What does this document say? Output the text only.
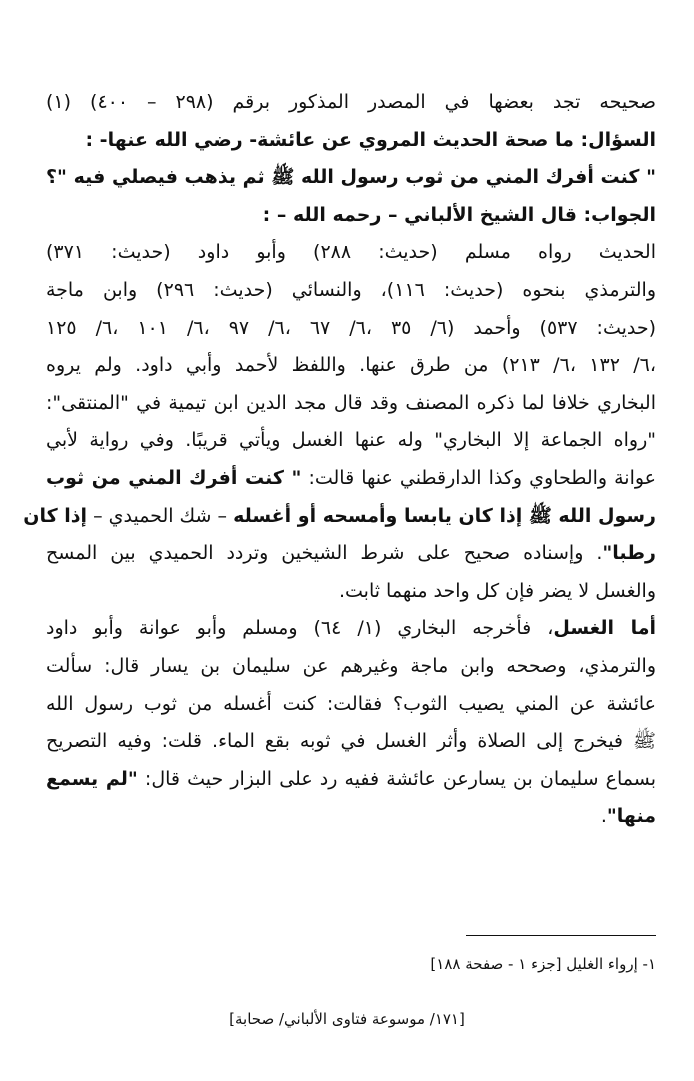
صحيحه تجد بعضها في المصدر المذكور برقم (٢٩٨ – ٤٠٠) (١)
السؤال: ما صحة الحديث المروي عن عائشة- رضي الله عنها- :
" كنت أفرك المني من ثوب رسول الله ﷺ ثم يذهب فيصلي فيه "؟
الجواب: قال الشيخ الألباني – رحمه الله – :
الحديث رواه مسلم (حديث: ٢٨٨) وأبو داود (حديث: ٣٧١)
والترمذي بنحوه (حديث: ١١٦)، والنسائي (حديث: ٢٩٦) وابن ماجة
(حديث: ٥٣٧) وأحمد (٦/ ٣٥ ،٦/ ٦٧ ،٦/ ٩٧ ،٦/ ١٠١ ،٦/ ١٢٥
،٦/ ١٣٢ ،٦/ ٢١٣) من طرق عنها. واللفظ لأحمد وأبي داود. ولم يروه
البخاري خلافا لما ذكره المصنف وقد قال مجد الدين ابن تيمية في "المنتقى":
"رواه الجماعة إلا البخاري" وله عنها الغسل ويأتي قريبًا. وفي رواية لأبي
عوانة والطحاوي وكذا الدارقطني عنها قالت: " كنت أفرك المني من ثوب
رسول الله ﷺ إذا كان يابسا وأمسحه أو أغسله – شك الحميدي – إذا كان
رطبا". وإسناده صحيح على شرط الشيخين وتردد الحميدي بين المسح
والغسل لا يضر فإن كل واحد منهما ثابت.
أما الغسل، فأخرجه البخاري (١/ ٦٤) ومسلم وأبو عوانة وأبو داود
والترمذي، وصححه وابن ماجة وغيرهم عن سليمان بن يسار قال: سألت
عائشة عن المني يصيب الثوب؟ فقالت: كنت أغسله من ثوب رسول الله
ﷺ فيخرج إلى الصلاة وأثر الغسل في ثوبه بقع الماء. قلت: وفيه التصريح
بسماع سليمان بن يسارعن عائشة ففيه رد على البزار حيث قال: "لم يسمع
منها".
١- إرواء الغليل [جزء ١ - صفحة ١٨٨]
[١٧١/ موسوعة فتاوى الألباني/ صحابة]
